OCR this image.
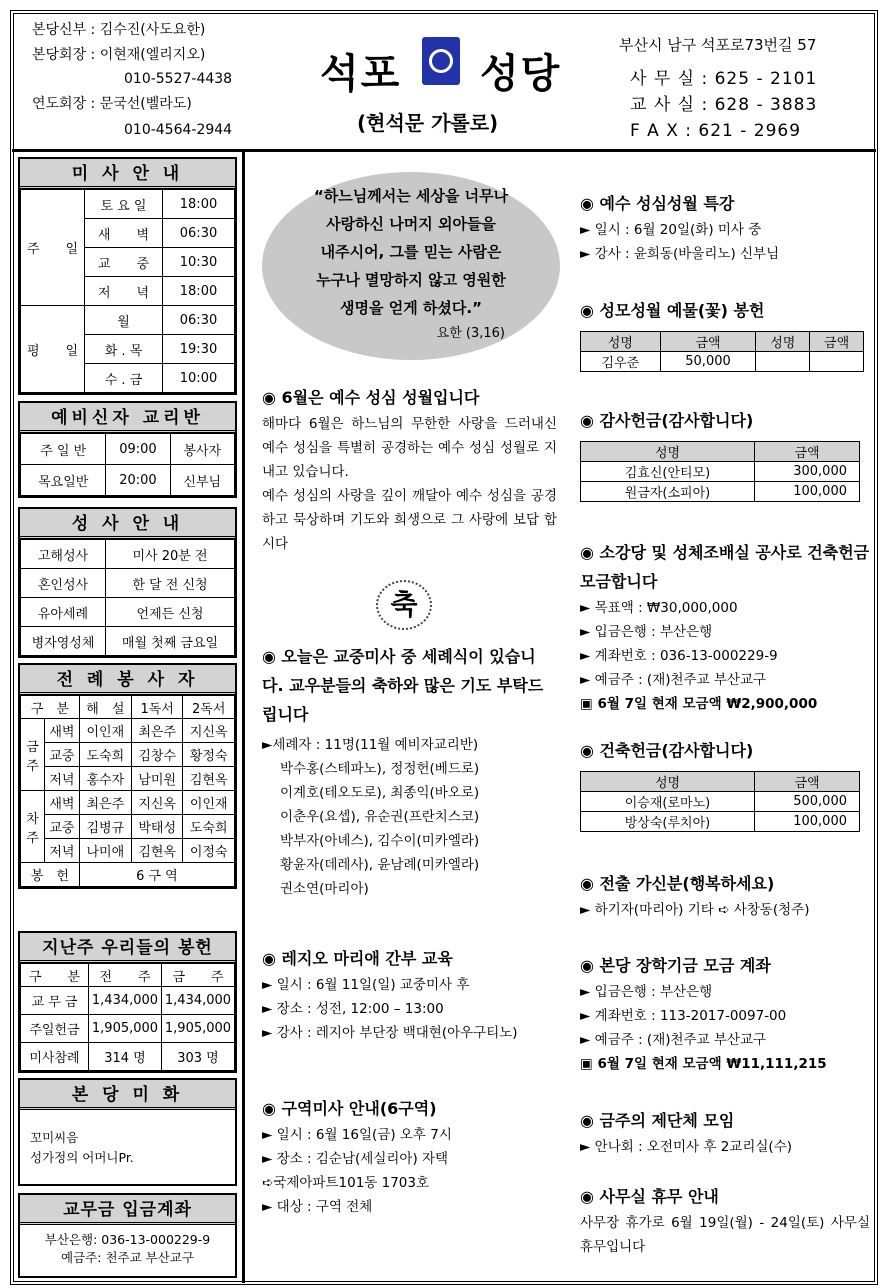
본당신부 : 김수진(사도요한)
본당회장 : 이현재(엘리지오)
010-5527-4438
연도회장 : 문국선(벨라도)
010-4564-2944
석포 성당
(현석문 가롤로)
부산시 남구 석포로73번길 57
사 무 실 : 625 - 2101
교 사 실 : 628 - 3883
F A X : 621 - 2969
미 사 안 내
주　　일	토 요 일	18:00
	새　　벽	06:30
	교　　중	10:30
	저　　녁	18:00
평　　일	월	06:30
	화 . 목	19:30
	수 . 금	10:00
예비신자 교리반
주 일 반	09:00	봉사자
목요일반	20:00	신부님
성 사 안 내
고해성사	미사 20분 전
혼인성사	한 달 전 신청
유아세례	언제든 신청
병자영성체	매월 첫째 금요일
전 례 봉 사 자
구　분		해　설	1독서	2독서
금주	새벽	이인재	최은주	지신옥
	교중	도숙희	김창수	황정숙
	저녁	홍수자	남미원	김현옥
차주	새벽	최은주	지신옥	이인재
	교중	김병규	박태성	도숙희
	저녁	나미애	김현옥	이정숙
봉　헌		6 구 역		
지난주 우리들의 봉헌
구　　분	전　　주	금　　주
교 무 금	1,434,000	1,434,000
주일헌금	1,905,000	1,905,000
미사참례	314 명	303 명
본 당 미 화
꼬미씨음
성가정의 어머니Pr.
교무금 입금계좌
부산은행: 036-13-000229-9
예금주: 천주교 부산교구
“하느님께서는 세상을 너무나
사랑하신 나머지 외아들을
내주시어, 그를 믿는 사람은
누구나 멸망하지 않고 영원한
생명을 얻게 하셨다.”
요한 (3,16)
◉ 6월은 예수 성심 성월입니다
해마다 6월은 하느님의 무한한 사랑을 드러내신 예수 성심을 특별히 공경하는 예수 성심 성월로 지내고 있습니다.
예수 성심의 사랑을 깊이 깨달아 예수 성심을 공경하고 묵상하며 기도와 희생으로 그 사랑에 보답 합시다
축
◉ 오늘은 교중미사 중 세례식이 있습니다. 교우분들의 축하와 많은 기도 부탁드립니다
►세례자 : 11명(11월 예비자교리반)
박수홍(스테파노), 정정헌(베드로)
이계호(테오도로), 최종익(바오로)
이춘우(요셉), 유순권(프란치스코)
박부자(아녜스), 김수이(미카엘라)
황윤자(데레사), 윤남례(미카엘라)
권소연(마리아)
◉ 레지오 마리애 간부 교육
► 일시 : 6월 11일(일) 교중미사 후
► 장소 : 성전, 12:00 – 13:00
► 강사 : 레지아 부단장 백대현(아우구티노)
◉ 구역미사 안내(6구역)
► 일시 : 6월 16일(금) 오후 7시
► 장소 : 김순남(세실리아) 자택
➪국제아파트101동 1703호
► 대상 : 구역 전체
◉ 예수 성심성월 특강
► 일시 : 6월 20일(화) 미사 중
► 강사 : 윤희동(바울리노) 신부님
◉ 성모성월 예물(꽃) 봉헌
성명	금액	성명	금액
김우준	50,000		
◉ 감사헌금(감사합니다)
성명	금액
김효신(안티모)	300,000
원금자(소피아)	100,000
◉ 소강당 및 성체조배실 공사로 건축헌금 모금합니다
► 목표액 : ₩30,000,000
► 입금은행 : 부산은행
► 계좌번호 : 036-13-000229-9
► 예금주 : (재)천주교 부산교구
▣ 6월 7일 현재 모금액 ₩2,900,000
◉ 건축헌금(감사합니다)
성명	금액
이승재(로마노)	500,000
방상숙(루치아)	100,000
◉ 전출 가신분(행복하세요)
► 하기자(마리아) 기타 ➪ 사창동(청주)
◉ 본당 장학기금 모금 계좌
► 입금은행 : 부산은행
► 계좌번호 : 113-2017-0097-00
► 예금주 : (재)천주교 부산교구
▣ 6월 7일 현재 모금액 ₩11,111,215
◉ 금주의 제단체 모임
► 안나회 : 오전미사 후 2교리실(수)
◉ 사무실 휴무 안내
사무장 휴가로 6월 19일(월) - 24일(토) 사무실 휴무입니다
